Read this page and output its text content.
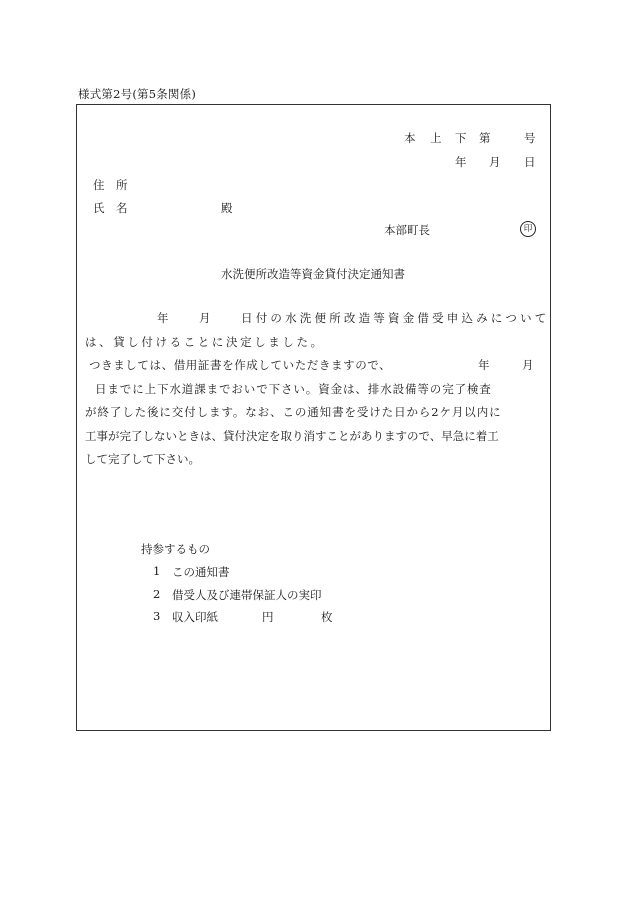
様式第2号(第5条関係)
本 上 下 第	号
年 月 日
住　所
氏　名	殿
本部町長	印
水洗便所改造等資金貸付決定通知書
年	月	日付の水洗便所改造等資金借受申込みについて
は、貸し付けることに決定しました。
つきましては、借用証書を作成していただきますので、	年	月
日までに上下水道課までおいで下さい。資金は、排水設備等の完了検査
が終了した後に交付します。なお、この通知書を受けた日から2ケ月以内に
工事が完了しないときは、貸付決定を取り消すことがありますので、早急に着工
して完了して下さい。
持参するもの
1 この通知書
2 借受人及び連帯保証人の実印
3 収入印紙	円	枚
